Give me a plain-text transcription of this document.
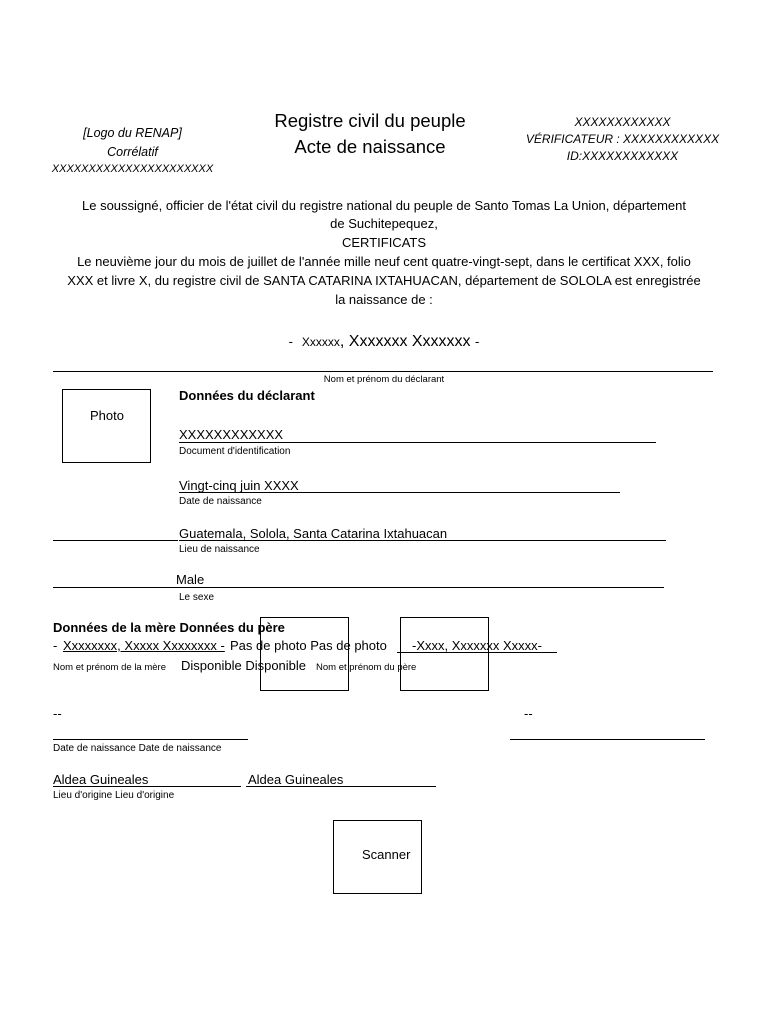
[Logo du RENAP]
Corrélatif
XXXXXXXXXXXXXXXXXXXXXX
Registre civil du peuple
Acte de naissance
XXXXXXXXXXXX
VÉRIFICATEUR : XXXXXXXXXXXX
ID:XXXXXXXXXXXX
Le soussigné, officier de l'état civil du registre national du peuple de Santo Tomas La Union, département
de Suchitepequez,
CERTIFICATS
Le neuvième jour du mois de juillet de l'année mille neuf cent quatre-vingt-sept, dans le certificat XXX, folio
XXX et livre X, du registre civil de SANTA CATARINA IXTAHUACAN, département de SOLOLA est enregistrée
la naissance de :
- Xxxxxx, Xxxxxxx Xxxxxxx -
Nom et prénom du déclarant
Photo
Données du déclarant
XXXXXXXXXXXX
Document d'identification
Vingt-cinq juin XXXX
Date de naissance
Guatemala, Solola, Santa Catarina Ixtahuacan
Lieu de naissance
Male
Le sexe
Données de la mère Données du père
- Xxxxxxxx, Xxxxx Xxxxxxxx - Pas de photo Pas de photo -Xxxx, Xxxxxxx Xxxxx-
Nom et prénom de la mère Disponible Disponible Nom et prénom du père
--	--
Date de naissance Date de naissance
Aldea Guineales	Aldea Guineales
Lieu d'origine Lieu d'origine
Scanner
